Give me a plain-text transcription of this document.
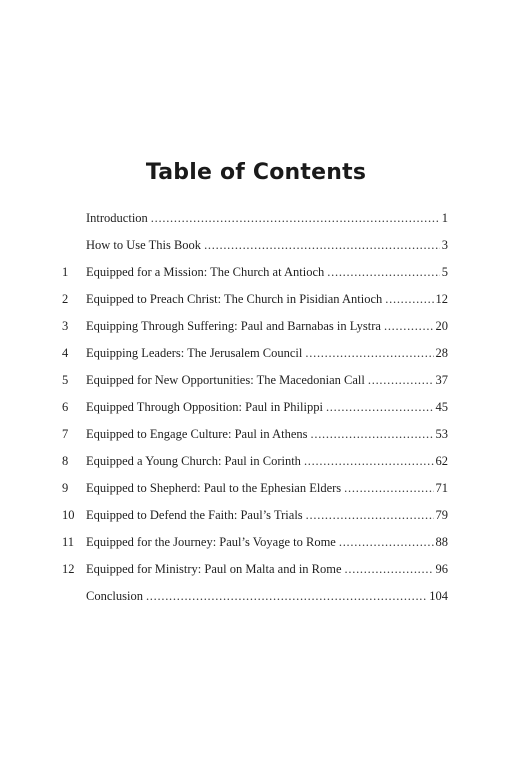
Table of Contents
Introduction . . .	1
How to Use This Book . . .	3
1	Equipped for a Mission: The Church at Antioch . . .	5
2	Equipped to Preach Christ: The Church in Pisidian Antioch . . .	12
3	Equipping Through Suffering: Paul and Barnabas in Lystra . . .	20
4	Equipping Leaders: The Jerusalem Council . . .	28
5	Equipped for New Opportunities: The Macedonian Call . . .	37
6	Equipped Through Opposition: Paul in Philippi . . .	45
7	Equipped to Engage Culture: Paul in Athens . . .	53
8	Equipped a Young Church: Paul in Corinth . . .	62
9	Equipped to Shepherd: Paul to the Ephesian Elders . . .	71
10 Equipped to Defend the Faith: Paul’s Trials . . .	79
11 Equipped for the Journey: Paul’s Voyage to Rome . . .	88
12 Equipped for Ministry: Paul on Malta and in Rome . . .	96
Conclusion . . .	104
